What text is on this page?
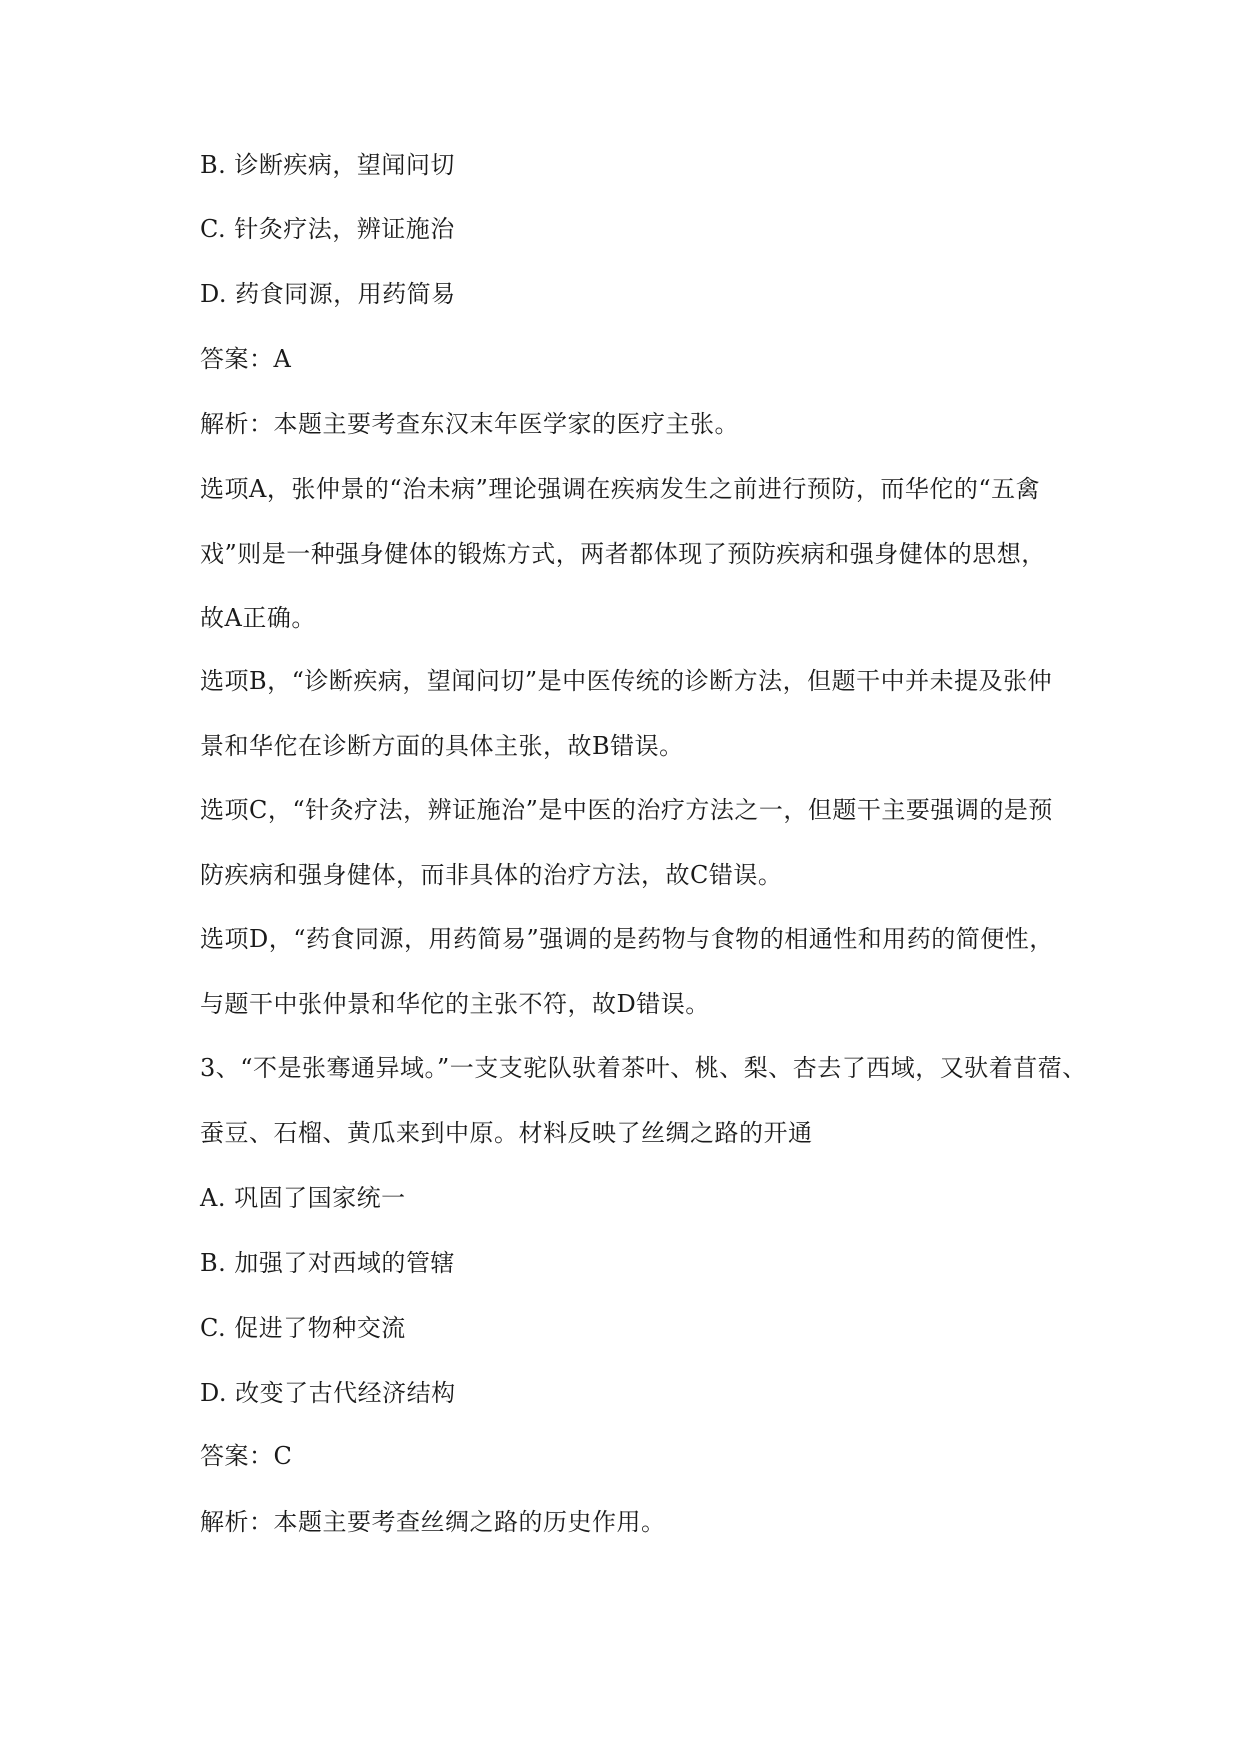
B. 诊断疾病，望闻问切
C. 针灸疗法，辨证施治
D. 药食同源，用药简易
答案：A
解析：本题主要考查东汉末年医学家的医疗主张。
选项A，张仲景的“治未病”理论强调在疾病发生之前进行预防，而华佗的“五禽
戏”则是一种强身健体的锻炼方式，两者都体现了预防疾病和强身健体的思想，
故A正确。
选项B，“诊断疾病，望闻问切”是中医传统的诊断方法，但题干中并未提及张仲
景和华佗在诊断方面的具体主张，故B错误。
选项C，“针灸疗法，辨证施治”是中医的治疗方法之一，但题干主要强调的是预
防疾病和强身健体，而非具体的治疗方法，故C错误。
选项D，“药食同源，用药简易”强调的是药物与食物的相通性和用药的简便性，
与题干中张仲景和华佗的主张不符，故D错误。
3、“不是张骞通异域。”一支支驼队驮着茶叶、桃、梨、杏去了西域，又驮着苜蓿、
蚕豆、石榴、黄瓜来到中原。材料反映了丝绸之路的开通
A. 巩固了国家统一
B. 加强了对西域的管辖
C. 促进了物种交流
D. 改变了古代经济结构
答案：C
解析：本题主要考查丝绸之路的历史作用。
